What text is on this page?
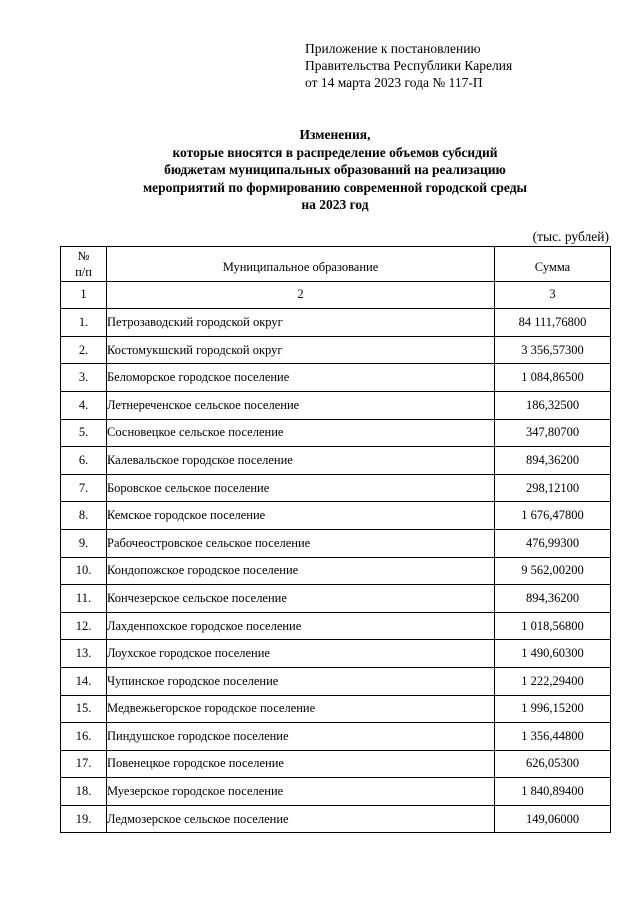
Приложение к постановлению
Правительства Республики Карелия
от 14 марта 2023 года № 117-П
Изменения,
которые вносятся в распределение объемов субсидий
бюджетам муниципальных образований на реализацию
мероприятий по формированию современной городской среды
на 2023 год
(тыс. рублей)
№
п/п	Муниципальное образование	Сумма
1	2	3
1.	Петрозаводский городской округ	84 111,76800
2.	Костомукшский городской округ	3 356,57300
3.	Беломорское городское поселение	1 084,86500
4.	Летнереченское сельское поселение	186,32500
5.	Сосновецкое сельское поселение	347,80700
6.	Калевальское городское поселение	894,36200
7.	Боровское сельское поселение	298,12100
8.	Кемское городское поселение	1 676,47800
9.	Рабочеостровское сельское поселение	476,99300
10.	Кондопожское городское поселение	9 562,00200
11.	Кончезерское сельское поселение	894,36200
12.	Лахденпохское городское поселение	1 018,56800
13.	Лоухское городское поселение	1 490,60300
14.	Чупинское городское поселение	1 222,29400
15.	Медвежьегорское городское поселение	1 996,15200
16.	Пиндушское городское поселение	1 356,44800
17.	Повенецкое городское поселение	626,05300
18.	Муезерское городское поселение	1 840,89400
19.	Ледмозерское сельское поселение	149,06000
